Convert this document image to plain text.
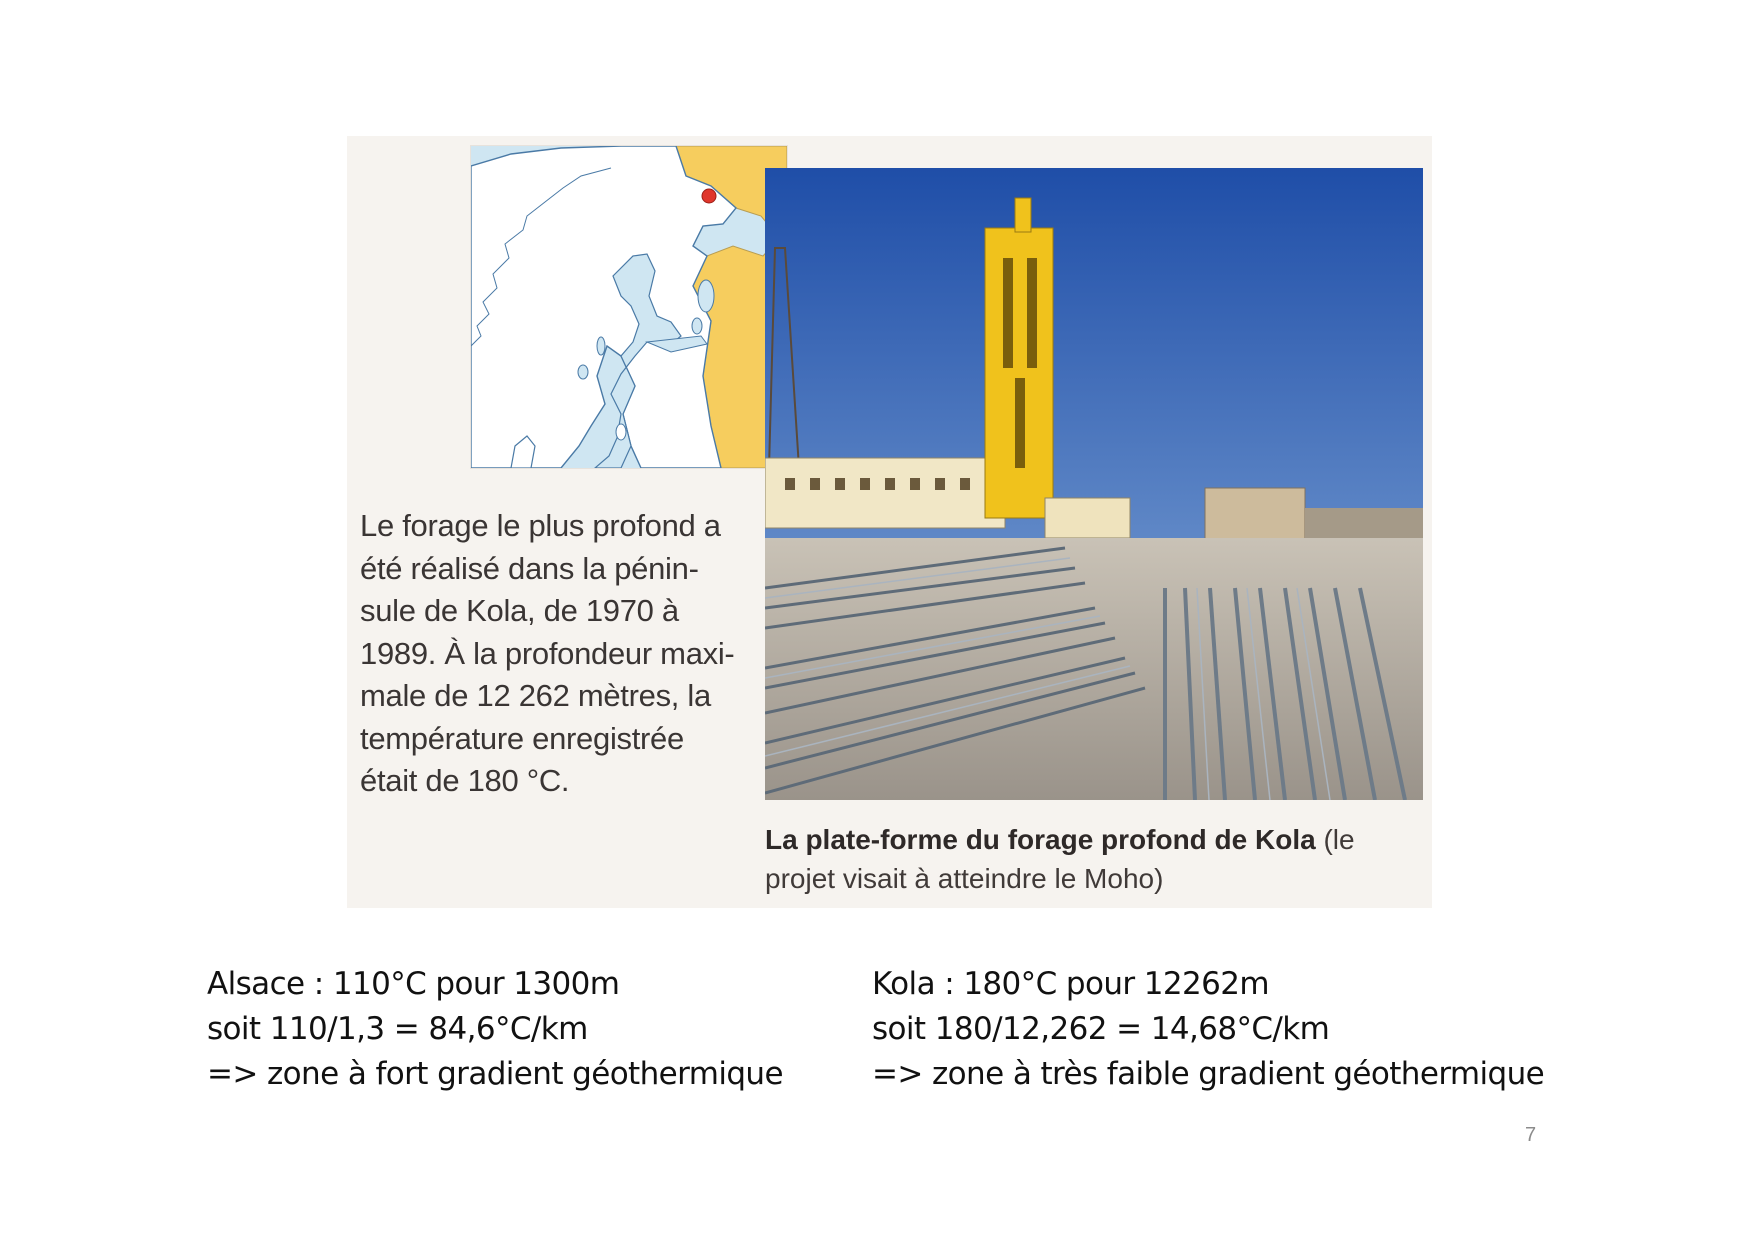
Le forage le plus profond a
été réalisé dans la pénin-
sule de Kola, de 1970 à
1989. À la profondeur maxi-
male de 12 262 mètres, la
température enregistrée
était de 180 °C.
La plate-forme du forage profond de Kola (le
projet visait à atteindre le Moho)
Alsace : 110°C pour 1300m
soit 110/1,3 = 84,6°C/km
=> zone à fort gradient géothermique
Kola : 180°C pour 12262m
soit 180/12,262 = 14,68°C/km
=> zone à très faible gradient géothermique
7
